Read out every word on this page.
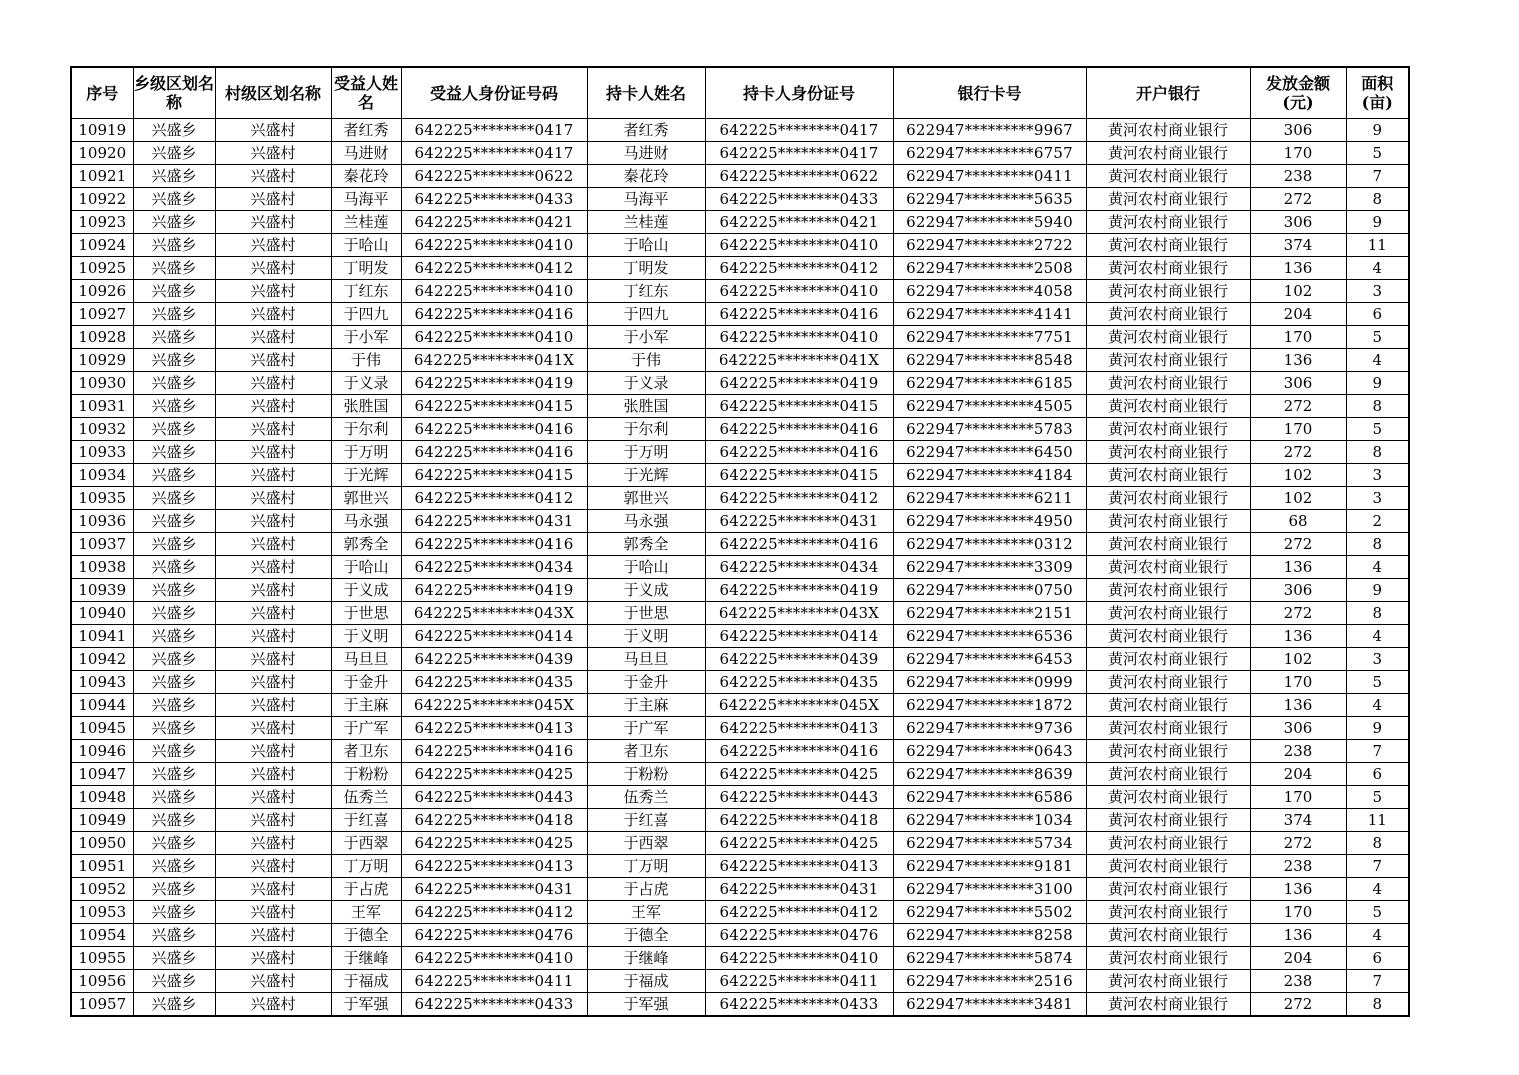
序号	乡级区划名称	村级区划名称	受益人姓名	受益人身份证号码	持卡人姓名	持卡人身份证号	银行卡号	开户银行	发放金额(元)	面积(亩)
10919	兴盛乡	兴盛村	者红秀	642225********0417	者红秀	642225********0417	622947*********9967	黄河农村商业银行	306	9
10920	兴盛乡	兴盛村	马进财	642225********0417	马进财	642225********0417	622947*********6757	黄河农村商业银行	170	5
10921	兴盛乡	兴盛村	秦花玲	642225********0622	秦花玲	642225********0622	622947*********0411	黄河农村商业银行	238	7
10922	兴盛乡	兴盛村	马海平	642225********0433	马海平	642225********0433	622947*********5635	黄河农村商业银行	272	8
10923	兴盛乡	兴盛村	兰桂莲	642225********0421	兰桂莲	642225********0421	622947*********5940	黄河农村商业银行	306	9
10924	兴盛乡	兴盛村	于哈山	642225********0410	于哈山	642225********0410	622947*********2722	黄河农村商业银行	374	11
10925	兴盛乡	兴盛村	丁明发	642225********0412	丁明发	642225********0412	622947*********2508	黄河农村商业银行	136	4
10926	兴盛乡	兴盛村	丁红东	642225********0410	丁红东	642225********0410	622947*********4058	黄河农村商业银行	102	3
10927	兴盛乡	兴盛村	于四九	642225********0416	于四九	642225********0416	622947*********4141	黄河农村商业银行	204	6
10928	兴盛乡	兴盛村	于小军	642225********0410	于小军	642225********0410	622947*********7751	黄河农村商业银行	170	5
10929	兴盛乡	兴盛村	于伟	642225********041X	于伟	642225********041X	622947*********8548	黄河农村商业银行	136	4
10930	兴盛乡	兴盛村	于义录	642225********0419	于义录	642225********0419	622947*********6185	黄河农村商业银行	306	9
10931	兴盛乡	兴盛村	张胜国	642225********0415	张胜国	642225********0415	622947*********4505	黄河农村商业银行	272	8
10932	兴盛乡	兴盛村	于尔利	642225********0416	于尔利	642225********0416	622947*********5783	黄河农村商业银行	170	5
10933	兴盛乡	兴盛村	于万明	642225********0416	于万明	642225********0416	622947*********6450	黄河农村商业银行	272	8
10934	兴盛乡	兴盛村	于光辉	642225********0415	于光辉	642225********0415	622947*********4184	黄河农村商业银行	102	3
10935	兴盛乡	兴盛村	郭世兴	642225********0412	郭世兴	642225********0412	622947*********6211	黄河农村商业银行	102	3
10936	兴盛乡	兴盛村	马永强	642225********0431	马永强	642225********0431	622947*********4950	黄河农村商业银行	68	2
10937	兴盛乡	兴盛村	郭秀全	642225********0416	郭秀全	642225********0416	622947*********0312	黄河农村商业银行	272	8
10938	兴盛乡	兴盛村	于哈山	642225********0434	于哈山	642225********0434	622947*********3309	黄河农村商业银行	136	4
10939	兴盛乡	兴盛村	于义成	642225********0419	于义成	642225********0419	622947*********0750	黄河农村商业银行	306	9
10940	兴盛乡	兴盛村	于世思	642225********043X	于世思	642225********043X	622947*********2151	黄河农村商业银行	272	8
10941	兴盛乡	兴盛村	于义明	642225********0414	于义明	642225********0414	622947*********6536	黄河农村商业银行	136	4
10942	兴盛乡	兴盛村	马旦旦	642225********0439	马旦旦	642225********0439	622947*********6453	黄河农村商业银行	102	3
10943	兴盛乡	兴盛村	于金升	642225********0435	于金升	642225********0435	622947*********0999	黄河农村商业银行	170	5
10944	兴盛乡	兴盛村	于主麻	642225********045X	于主麻	642225********045X	622947*********1872	黄河农村商业银行	136	4
10945	兴盛乡	兴盛村	于广军	642225********0413	于广军	642225********0413	622947*********9736	黄河农村商业银行	306	9
10946	兴盛乡	兴盛村	者卫东	642225********0416	者卫东	642225********0416	622947*********0643	黄河农村商业银行	238	7
10947	兴盛乡	兴盛村	于粉粉	642225********0425	于粉粉	642225********0425	622947*********8639	黄河农村商业银行	204	6
10948	兴盛乡	兴盛村	伍秀兰	642225********0443	伍秀兰	642225********0443	622947*********6586	黄河农村商业银行	170	5
10949	兴盛乡	兴盛村	于红喜	642225********0418	于红喜	642225********0418	622947*********1034	黄河农村商业银行	374	11
10950	兴盛乡	兴盛村	于西翠	642225********0425	于西翠	642225********0425	622947*********5734	黄河农村商业银行	272	8
10951	兴盛乡	兴盛村	丁万明	642225********0413	丁万明	642225********0413	622947*********9181	黄河农村商业银行	238	7
10952	兴盛乡	兴盛村	于占虎	642225********0431	于占虎	642225********0431	622947*********3100	黄河农村商业银行	136	4
10953	兴盛乡	兴盛村	王军	642225********0412	王军	642225********0412	622947*********5502	黄河农村商业银行	170	5
10954	兴盛乡	兴盛村	于德全	642225********0476	于德全	642225********0476	622947*********8258	黄河农村商业银行	136	4
10955	兴盛乡	兴盛村	于继峰	642225********0410	于继峰	642225********0410	622947*********5874	黄河农村商业银行	204	6
10956	兴盛乡	兴盛村	于福成	642225********0411	于福成	642225********0411	622947*********2516	黄河农村商业银行	238	7
10957	兴盛乡	兴盛村	于军强	642225********0433	于军强	642225********0433	622947*********3481	黄河农村商业银行	272	8
